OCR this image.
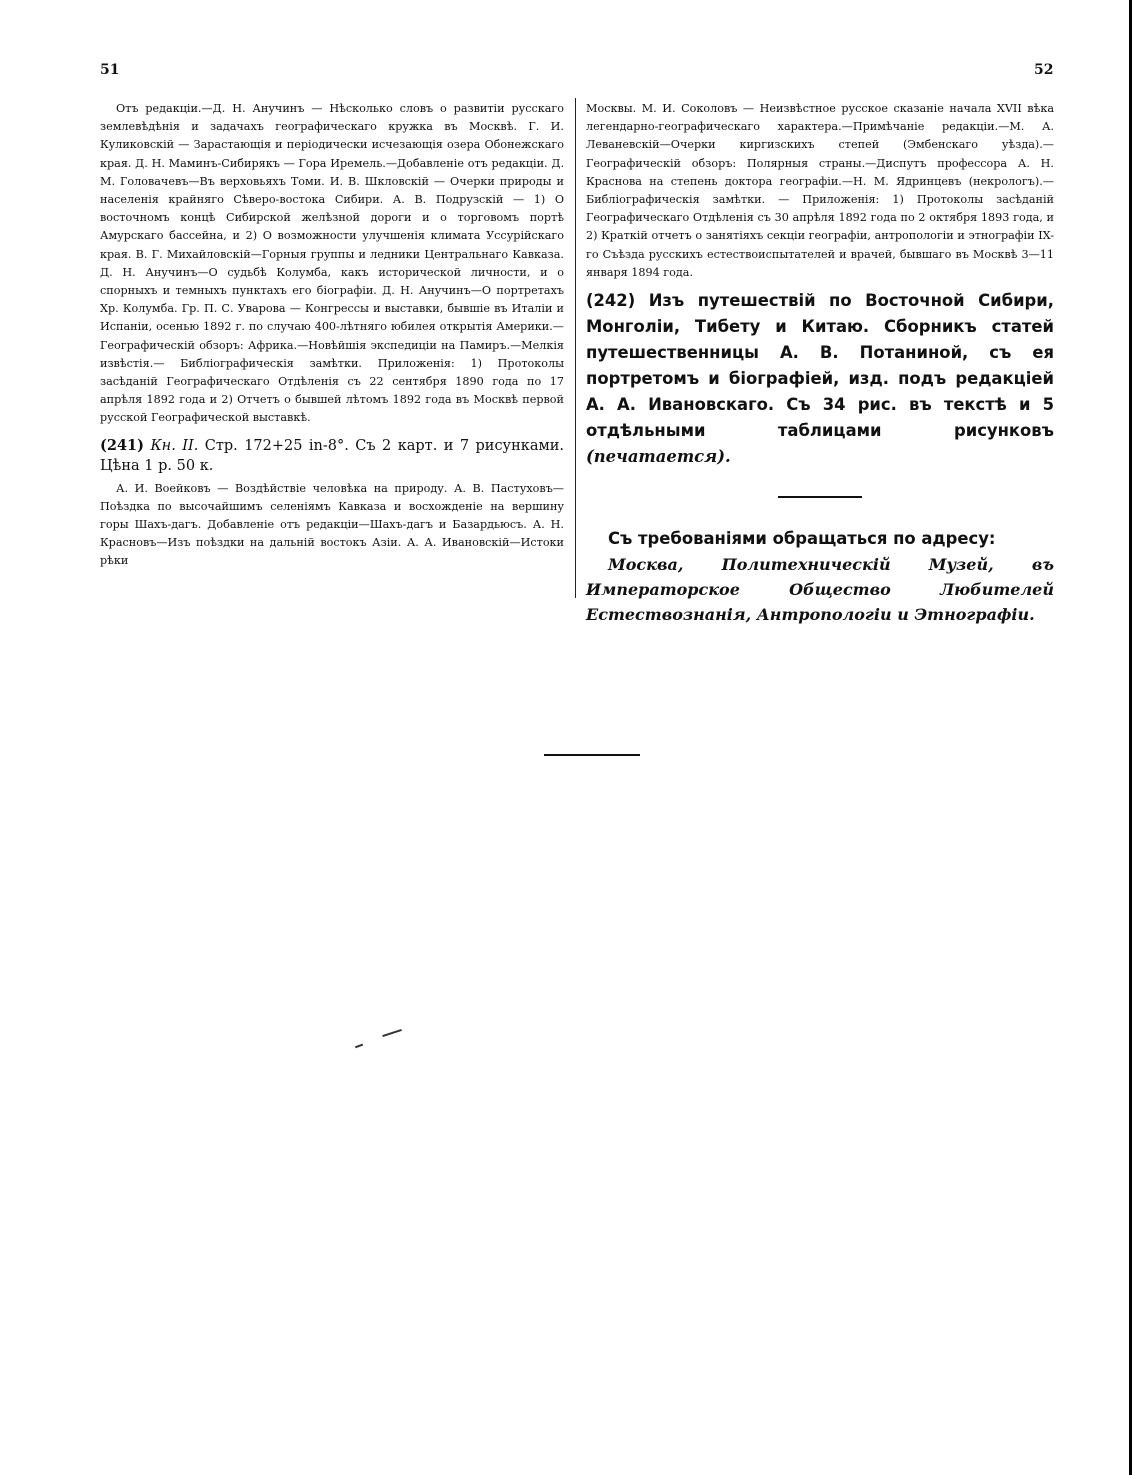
51	52

Отъ редакціи.—Д. Н. Анучинъ — Нѣсколько словъ о развитіи русскаго землевѣдѣнія и задачахъ географическаго кружка въ Москвѣ. Г. И. Куликовскій — Зарастающія и періодически исчезающія озера Обонежскаго края. Д. Н. Маминъ-Сибирякъ — Гора Иремель.—Добавленіе отъ редакціи. Д. М. Головачевъ—Въ верховьяхъ Томи. И. В. Шкловскій — Очерки природы и населенія крайняго Сѣверо-востока Сибири. А. В. Подрузскій — 1) О восточномъ концѣ Сибирской желѣзной дороги и о торговомъ портѣ Амурскаго бассейна, и 2) О возможности улучшенія климата Уссурійскаго края. В. Г. Михайловскій—Горныя группы и ледники Центральнаго Кавказа. Д. Н. Анучинъ—О судьбѣ Колумба, какъ исторической личности, и о спорныхъ и темныхъ пунктахъ его біографіи. Д. Н. Анучинъ—О портретахъ Хр. Колумба. Гр. П. С. Уварова — Конгрессы и выставки, бывшіе въ Италіи и Испаніи, осенью 1892 г. по случаю 400-лѣтняго юбилея открытія Америки.—Географическій обзоръ: Африка.—Новѣйшія экспедиціи на Памиръ.—Мелкія извѣстія.— Библіографическія замѣтки. Приложенія: 1) Протоколы засѣданій Географическаго Отдѣленія съ 22 сентября 1890 года по 17 апрѣля 1892 года и 2) Отчетъ о бывшей лѣтомъ 1892 года въ Москвѣ первой русской Географической выставкѣ.

(241) Кн. II. Стр. 172+25 in-8°. Съ 2 карт. и 7 рисунками. Цѣна 1 р. 50 к.

А. И. Воейковъ — Воздѣйствіе человѣка на природу. А. В. Пастуховъ—Поѣздка по высочайшимъ селеніямъ Кавказа и восхожденіе на вершину горы Шахъ-дагъ. Добавленіе отъ редакціи—Шахъ-дагъ и Базардьюсъ. А. Н. Красновъ—Изъ поѣздки на дальній востокъ Азіи. А. А. Ивановскій—Истоки рѣки

Москвы. М. И. Соколовъ — Неизвѣстное русское сказаніе начала XVII вѣка легендарно-географическаго характера.—Примѣчаніе редакціи.—М. А. Леваневскій—Очерки киргизскихъ степей (Эмбенскаго уѣзда).—Географическій обзоръ: Полярныя страны.—Диспутъ профессора А. Н. Краснова на степень доктора географіи.—Н. М. Ядринцевъ (некрологъ).—Библіографическія замѣтки. — Приложенія: 1) Протоколы засѣданій Географическаго Отдѣленія съ 30 апрѣля 1892 года по 2 октября 1893 года, и 2) Краткій отчетъ о занятіяхъ секціи географіи, антропологіи и этнографіи IX-го Съѣзда русскихъ естествоиспытателей и врачей, бывшаго въ Москвѣ 3—11 января 1894 года.

(242) Изъ путешествій по Восточной Сибири, Монголіи, Тибету и Китаю. Сборникъ статей путешественницы А. В. Потаниной, съ ея портретомъ и біографіей, изд. подъ редакціей А. А. Ивановскаго. Съ 34 рис. въ текстѣ и 5 отдѣльными таблицами рисунковъ (печатается).

Съ требованіями обращаться по адресу:

Москва, Политехническій Музей, въ Императорское Общество Любителей Естествознанія, Антропологіи и Этнографіи.
